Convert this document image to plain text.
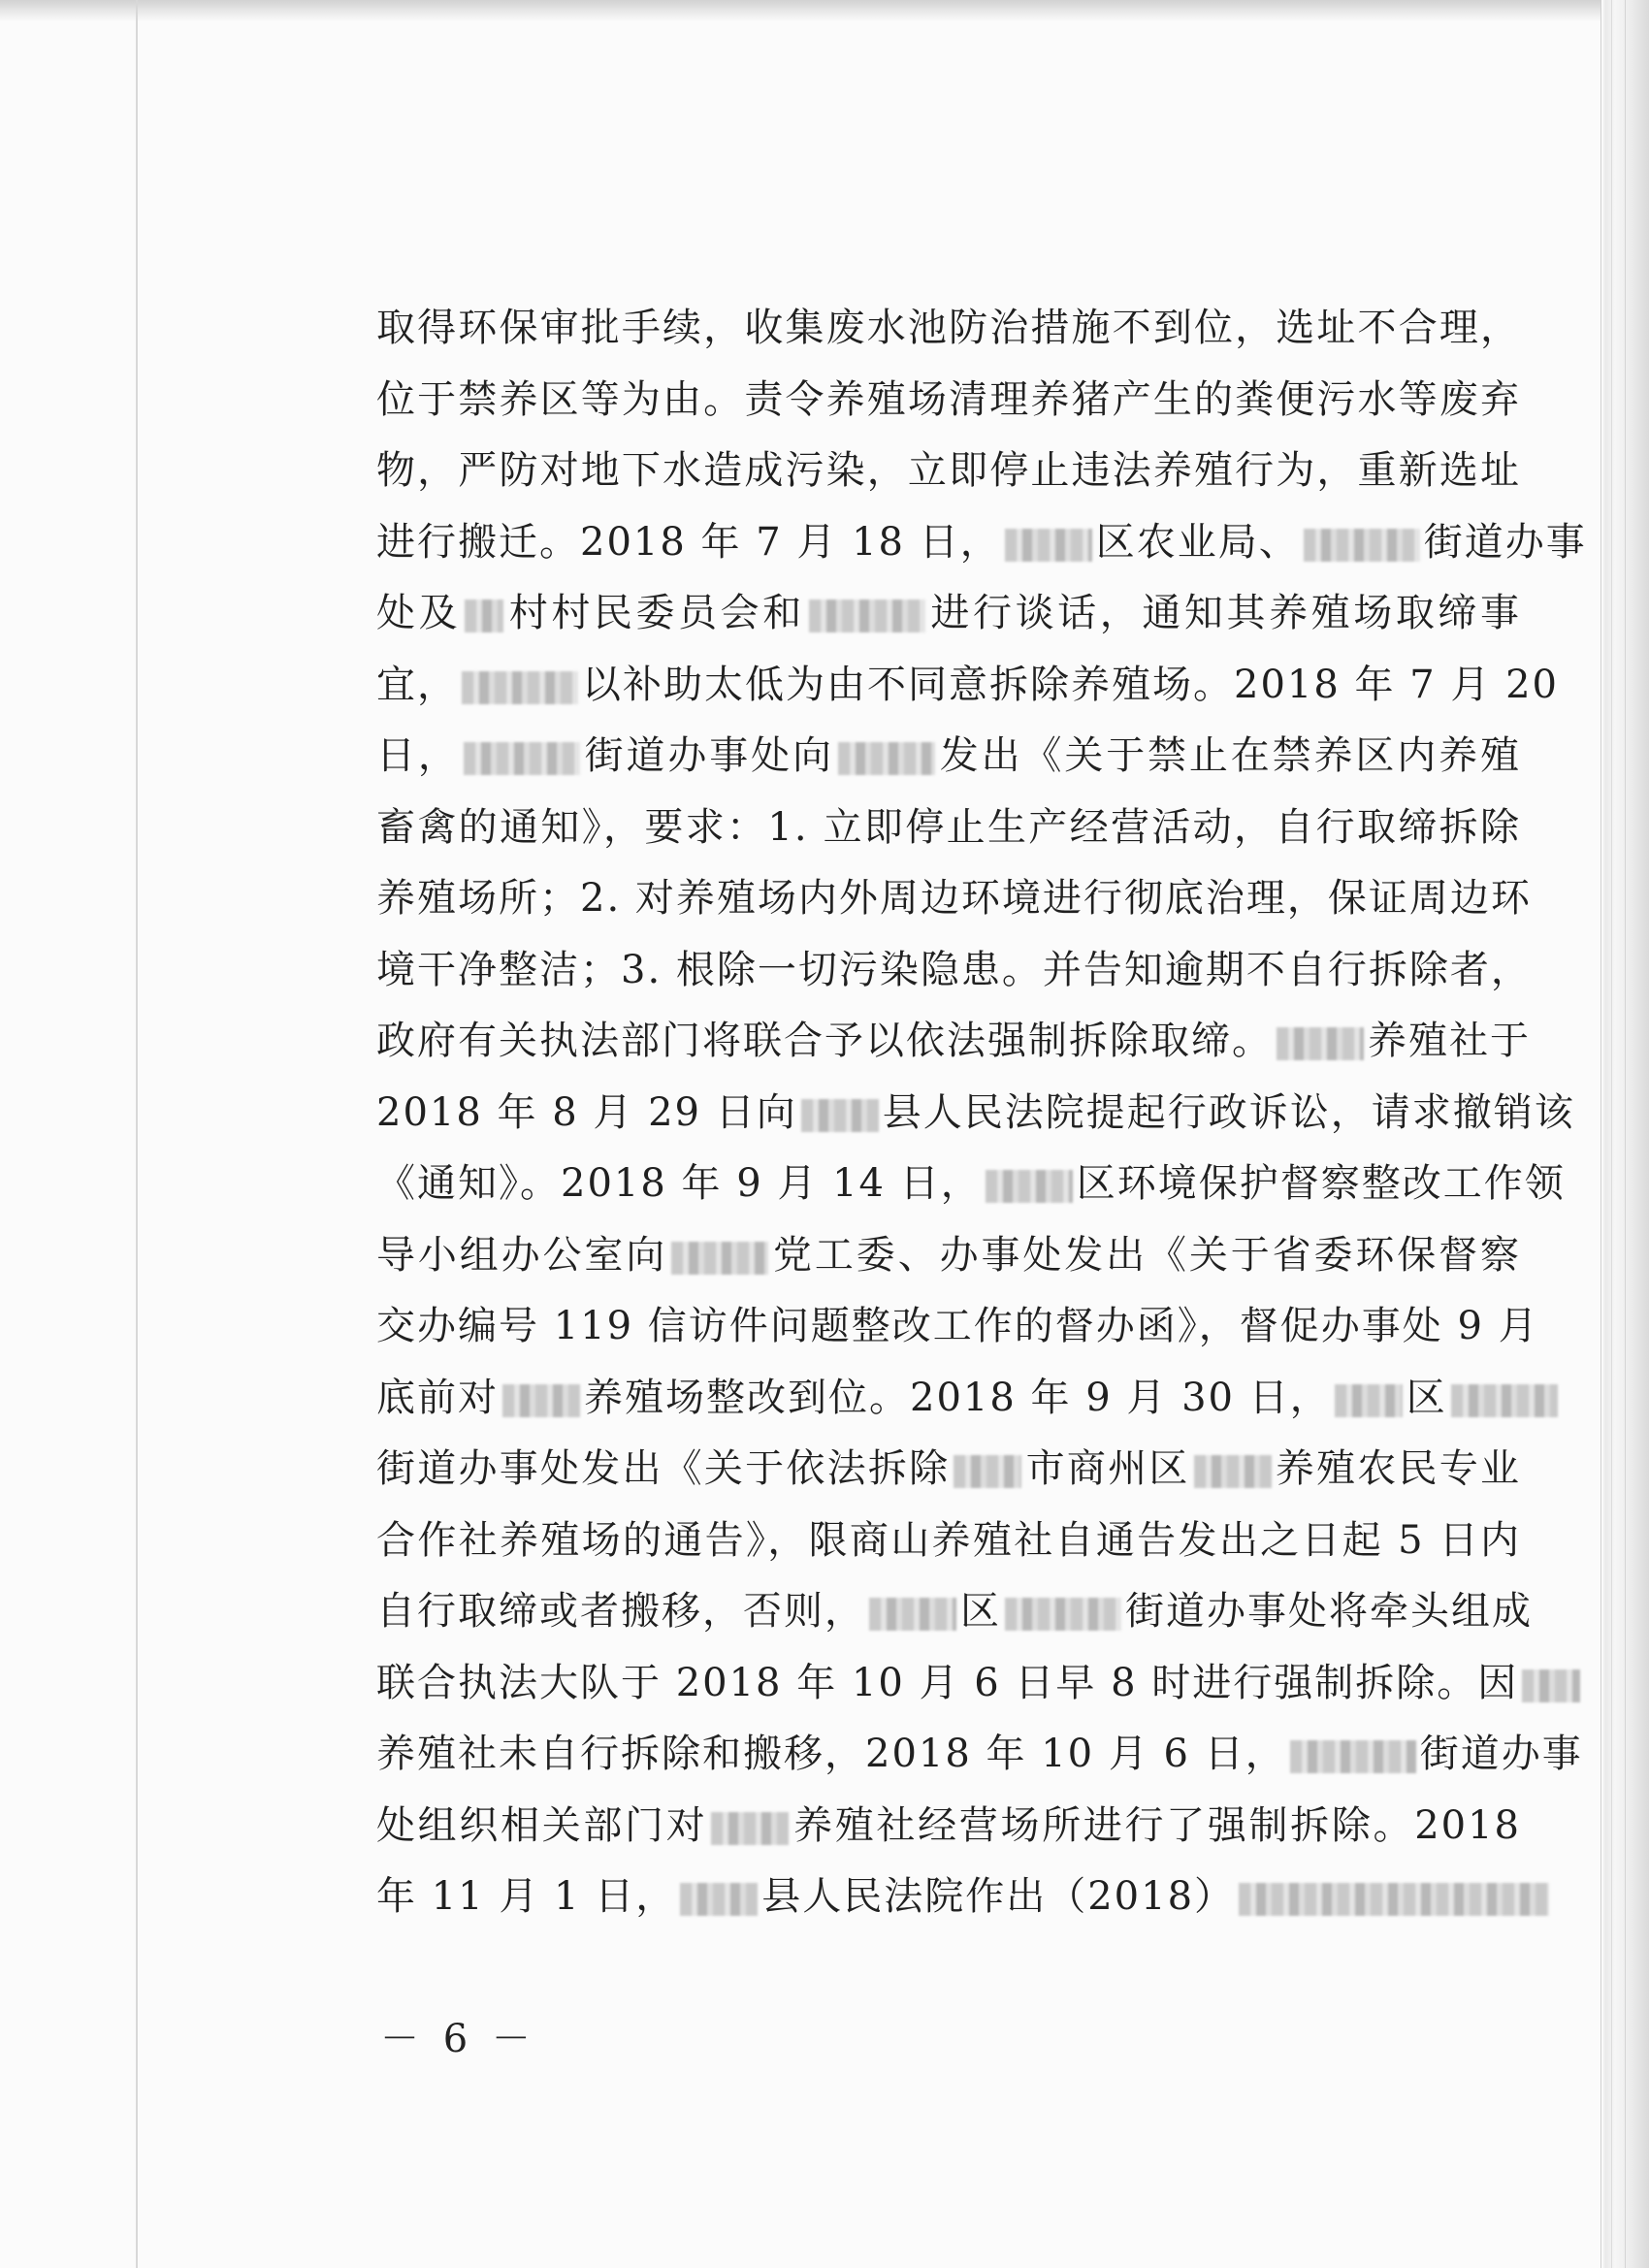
取得环保审批手续，收集废水池防治措施不到位，选址不合理，
位于禁养区等为由。责令养殖场清理养猪产生的粪便污水等废弃
物，严防对地下水造成污染，立即停止违法养殖行为，重新选址
进行搬迁。2018 年 7 月 18 日， 区农业局、	街道办事
处及 村村民委员会和	进行谈话，通知其养殖场取缔事
宜，	以补助太低为由不同意拆除养殖场。2018 年 7 月 20
日，	街道办事处向	发出《关于禁止在禁养区内养殖
畜禽的通知》，要求：1. 立即停止生产经营活动，自行取缔拆除
养殖场所；2. 对养殖场内外周边环境进行彻底治理，保证周边环
境干净整洁；3. 根除一切污染隐患。并告知逾期不自行拆除者，
政府有关执法部门将联合予以依法强制拆除取缔。 养殖社于
2018 年 8 月 29 日向 县人民法院提起行政诉讼，请求撤销该
《通知》。2018 年 9 月 14 日， 区环境保护督察整改工作领
导小组办公室向	党工委、办事处发出《关于省委环保督察
交办编号 119 信访件问题整改工作的督办函》，督促办事处 9 月
底前对 养殖场整改到位。2018 年 9 月 30 日， 区
街道办事处发出《关于依法拆除 市商州区 养殖农民专业
合作社养殖场的通告》，限商山养殖社自通告发出之日起 5 日内
自行取缔或者搬移，否则， 区	街道办事处将牵头组成
联合执法大队于 2018 年 10 月 6 日早 8 时进行强制拆除。因
养殖社未自行拆除和搬移，2018 年 10 月 6 日，	街道办事
处组织相关部门对 养殖社经营场所进行了强制拆除。2018
年 11 月 1 日， 县人民法院作出（2018）
－ 6 －
